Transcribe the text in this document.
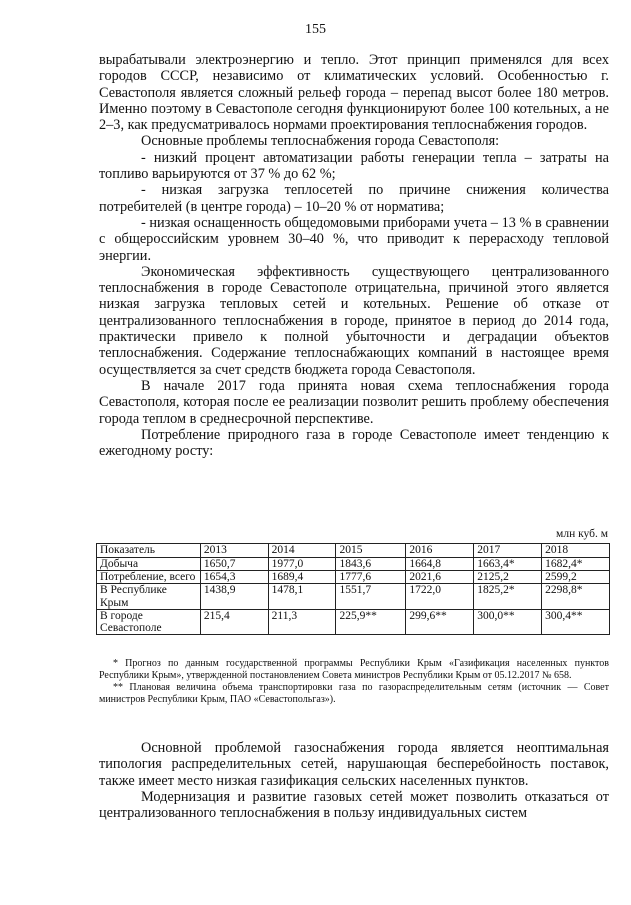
155

вырабатывали электроэнергию и тепло. Этот принцип применялся для всех городов СССР, независимо от климатических условий. Особенностью г. Севастополя является сложный рельеф города – перепад высот более 180 метров. Именно поэтому в Севастополе сегодня функционируют более 100 котельных, а не 2–3, как предусматривалось нормами проектирования теплоснабжения городов.

Основные проблемы теплоснабжения города Севастополя:

- низкий процент автоматизации работы генерации тепла – затраты на топливо варьируются от 37 % до 62 %;

- низкая загрузка теплосетей по причине снижения количества потребителей (в центре города) – 10–20 % от норматива;

- низкая оснащенность общедомовыми приборами учета – 13 % в сравнении с общероссийским уровнем 30–40 %, что приводит к перерасходу тепловой энергии.

Экономическая эффективность существующего централизованного теплоснабжения в городе Севастополе отрицательна, причиной этого является низкая загрузка тепловых сетей и котельных. Решение об отказе от централизованного теплоснабжения в городе, принятое в период до 2014 года, практически привело к полной убыточности и деградации объектов теплоснабжения. Содержание теплоснабжающих компаний в настоящее время осуществляется за счет средств бюджета города Севастополя.

В начале 2017 года принята новая схема теплоснабжения города Севастополя, которая после ее реализации позволит решить проблему обеспечения города теплом в среднесрочной перспективе.

Потребление природного газа в городе Севастополе имеет тенденцию к ежегодному росту:

млн куб. м
Показатель	2013	2014	2015	2016	2017	2018
Добыча	1650,7	1977,0	1843,6	1664,8	1663,4*	1682,4*
Потребление, всего	1654,3	1689,4	1777,6	2021,6	2125,2	2599,2
В Республике Крым	1438,9	1478,1	1551,7	1722,0	1825,2*	2298,8*
В городе Севастополе	215,4	211,3	225,9**	299,6**	300,0**	300,4**

* Прогноз по данным государственной программы Республики Крым «Газификация населенных пунктов Республики Крым», утвержденной постановлением Совета министров Республики Крым от 05.12.2017 № 658.

** Плановая величина объема транспортировки газа по газораспределительным сетям (источник — Совет министров Республики Крым, ПАО «Севастопольгаз»).

Основной проблемой газоснабжения города является неоптимальная типология распределительных сетей, нарушающая бесперебойность поставок, также имеет место низкая газификация сельских населенных пунктов.

Модернизация и развитие газовых сетей может позволить отказаться от централизованного теплоснабжения в пользу индивидуальных систем
